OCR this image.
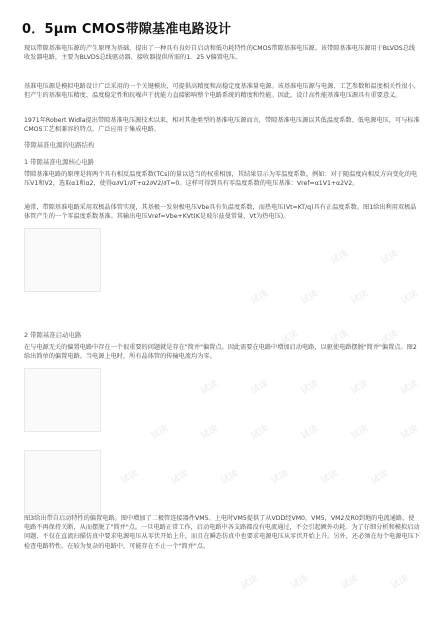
0．5μm CMOS带隙基准电路设计
现以带隙基准电压源的产生原理为基础，提出了一种具有良好自启动和低功耗特性的CMOS带隙基准电压源。该带隙基准电压源用于BLVDS总线收发器电路，主要为BLVDS总线驱动器、接收器提供所需的1．25 V偏置电压。
基准电压源是模拟电路设计广泛采用的一个关键模块，可提供高精度和高稳定度基准量电源。该基准电压源与电源、工艺参数和温度相关性很小，但产生的基准电压精度、温度稳定性和抗噪声干扰能力直接影响整个电路系统的精度和性能。因此，设计高性能基准电压源具有重要意义。
1971年Robert Widla提出带隙基准电压源技术以来，相对其他类型的基准电压源而言，带隙基准电压源以其低温度系数、低电源电压，可与标准CMOS工艺相兼容的特点，广泛应用于集成电路。
带隙基准电源的电路结构
1 带隙基准电源核心电路
带隙基准电路的原理是将两个具有相反温度系数(TCs)的量以适当的权重相加，其结果显示为零温度系数。例如：对于随温度向相反方向变化的电压V1和V2，选取α1和α2，使得α∂V1/∂T+α2∂V2/∂T=0。这样可得到具有零温度系数的电压基准：Vref=α1V1+α2V2。
通常，带隙基准电路采用双极晶体管实现，其基极一发射极电压Vbe具有负温度系数，而热电压(Vt=KT/q)具有正温度系数。图1给出利用双极晶体管产生的一个零温度系数基准。其输出电压Vref=Vbe+KVt(K是玻尔兹曼常量，Vt为热电压)。
2 带隙基准启动电路
在与电源无关的偏置电路中存在一个很重要的问题就是存在"简并"偏置点。因此需要在电路中增加启动电路，以驱使电路摆脱"简并"偏置点。图2给出简单的偏置电路。当电源上电时，所有晶体管的传输电流均为零。
图3给出带自启动特性的偏置电路。图中增加了二极管连接器件VM5。上电时VM5提供了从VDD经VM0，VM5，VM2及R0到地的电流通路，使电路不再保持关断，从而摆脱了"简并"点。一旦电路正常工作，启动电路中各支路都没有电流通过，不会引起额外功耗。为了仔细分析和模拟启动问题，不仅在直流扫描仿真中要求电源电压从零伏开始上升，而且在瞬态仿真中也要求电源电压从零伏开始上升。另外，还必须在每个电源电压下检查电路特性。在较为复杂的电路中，可能存在不止一个"简并"点。
试读	试读
试读	试读	试读	试读
试读	试读	试读
试读	试读	试读	试读	试读
试读	试读	试读	试读	试读	试读
试读	试读	试读	试读	试读	试读
试读	试读	试读	试读
